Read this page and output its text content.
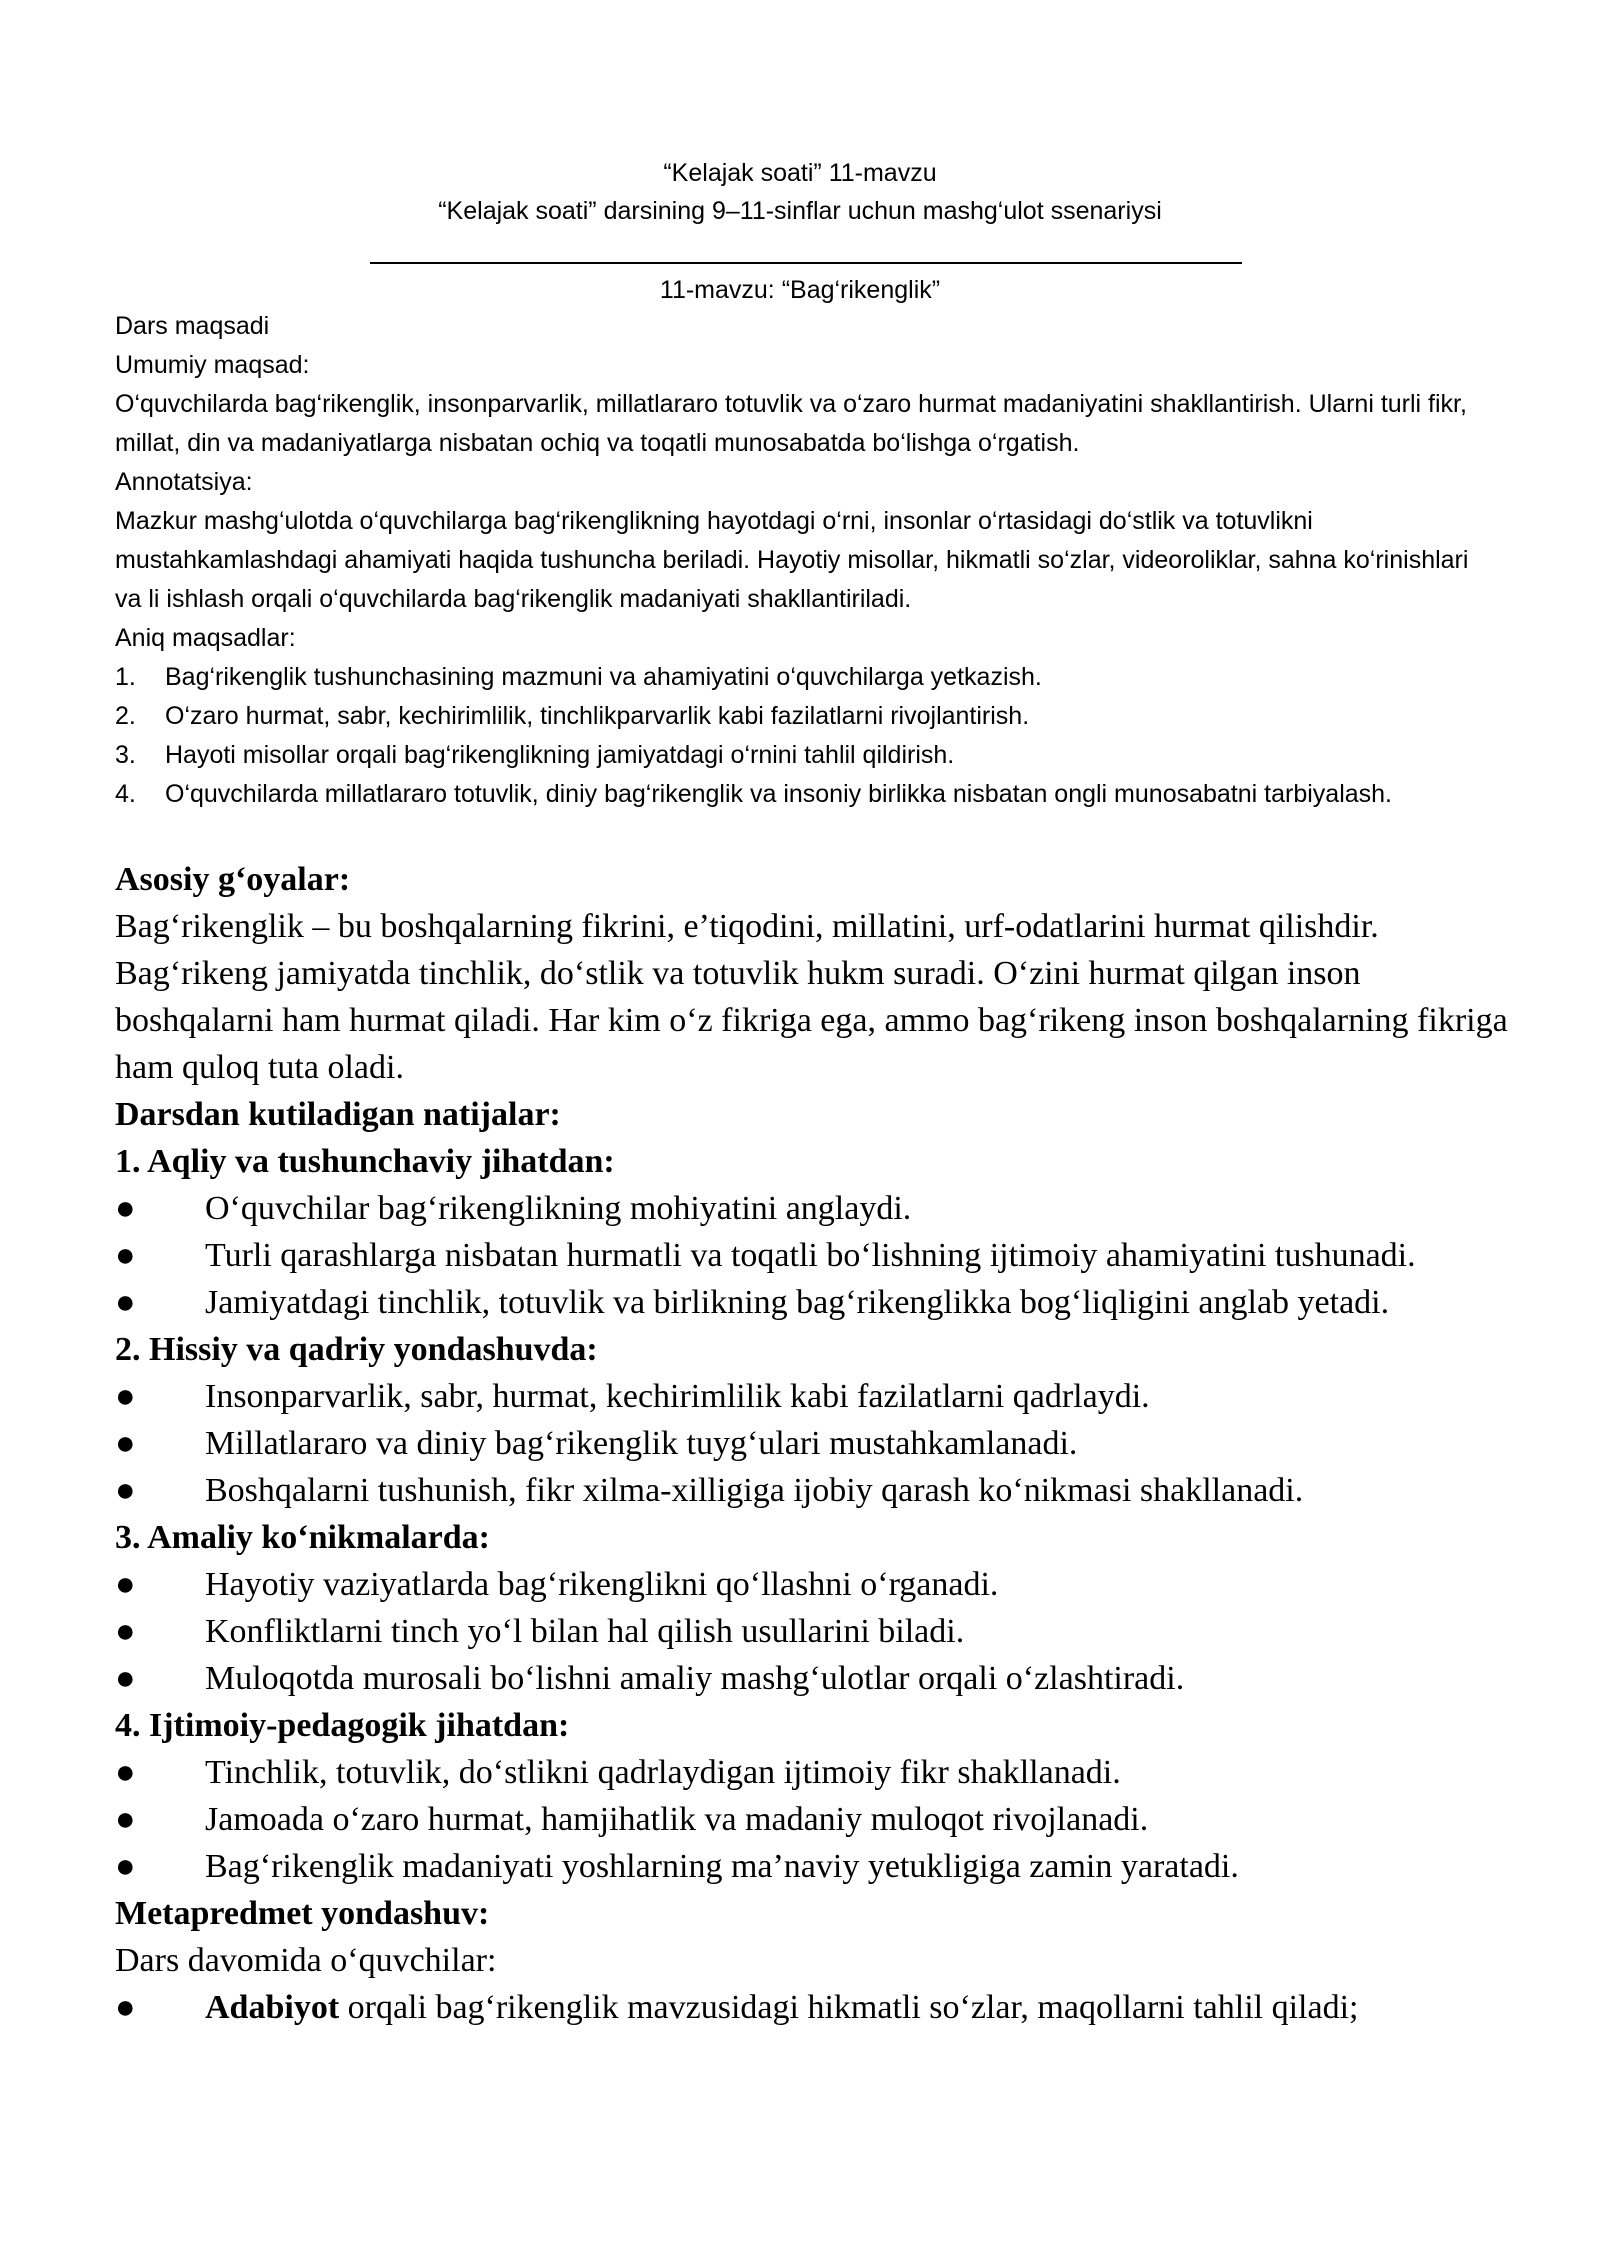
“Kelajak soati” 11-mavzu
“Kelajak soati” darsining 9–11-sinflar uchun mashg‘ulot ssenariysi
11-mavzu: “Bag‘rikenglik”

Dars maqsadi

Umumiy maqsad:

O‘quvchilarda bag‘rikenglik, insonparvarlik, millatlararo totuvlik va o‘zaro hurmat madaniyatini shakllantirish. Ularni turli fikr, millat, din va madaniyatlarga nisbatan ochiq va toqatli munosabatda bo‘lishga o‘rgatish.

Annotatsiya:

Mazkur mashg‘ulotda o‘quvchilarga bag‘rikenglikning hayotdagi o‘rni, insonlar o‘rtasidagi do‘stlik va totuvlikni mustahkamlashdagi ahamiyati haqida tushuncha beriladi. Hayotiy misollar, hikmatli so‘zlar, videoroliklar, sahna ko‘rinishlari va li ishlash orqali o‘quvchilarda bag‘rikenglik madaniyati shakllantiriladi.

Aniq maqsadlar:

1. Bag‘rikenglik tushunchasining mazmuni va ahamiyatini o‘quvchilarga yetkazish.

2. O‘zaro hurmat, sabr, kechirimlilik, tinchlikparvarlik kabi fazilatlarni rivojlantirish.

3. Hayoti misollar orqali bag‘rikenglikning jamiyatdagi o‘rnini tahlil qildirish.

4. O‘quvchilarda millatlararo totuvlik, diniy bag‘rikenglik va insoniy birlikka nisbatan ongli munosabatni tarbiyalash.

Asosiy g‘oyalar:

Bag‘rikenglik – bu boshqalarning fikrini, e’tiqodini, millatini, urf-odatlarini hurmat qilishdir. Bag‘rikeng jamiyatda tinchlik, do‘stlik va totuvlik hukm suradi. O‘zini hurmat qilgan inson boshqalarni ham hurmat qiladi. Har kim o‘z fikriga ega, ammo bag‘rikeng inson boshqalarning fikriga ham quloq tuta oladi.

Darsdan kutiladigan natijalar:

1. Aqliy va tushunchaviy jihatdan:

● O‘quvchilar bag‘rikenglikning mohiyatini anglaydi.

● Turli qarashlarga nisbatan hurmatli va toqatli bo‘lishning ijtimoiy ahamiyatini tushunadi.

● Jamiyatdagi tinchlik, totuvlik va birlikning bag‘rikenglikka bog‘liqligini anglab yetadi.

2. Hissiy va qadriy yondashuvda:

● Insonparvarlik, sabr, hurmat, kechirimlilik kabi fazilatlarni qadrlaydi.

● Millatlararo va diniy bag‘rikenglik tuyg‘ulari mustahkamlanadi.

● Boshqalarni tushunish, fikr xilma-xilligiga ijobiy qarash ko‘nikmasi shakllanadi.

3. Amaliy ko‘nikmalarda:

● Hayotiy vaziyatlarda bag‘rikenglikni qo‘llashni o‘rganadi.

● Konfliktlarni tinch yo‘l bilan hal qilish usullarini biladi.

● Muloqotda murosali bo‘lishni amaliy mashg‘ulotlar orqali o‘zlashtiradi.

4. Ijtimoiy-pedagogik jihatdan:

● Tinchlik, totuvlik, do‘stlikni qadrlaydigan ijtimoiy fikr shakllanadi.

● Jamoada o‘zaro hurmat, hamjihatlik va madaniy muloqot rivojlanadi.

● Bag‘rikenglik madaniyati yoshlarning ma’naviy yetukligiga zamin yaratadi.

Metapredmet yondashuv:

Dars davomida o‘quvchilar:

● Adabiyot orqali bag‘rikenglik mavzusidagi hikmatli so‘zlar, maqollarni tahlil qiladi;
